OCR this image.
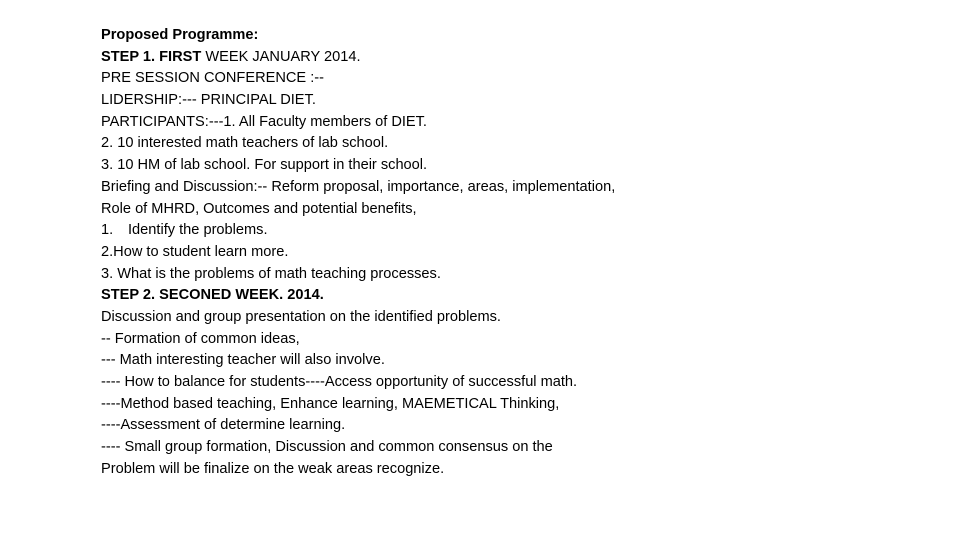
Proposed Programme:
STEP 1. FIRST WEEK JANUARY 2014.
PRE SESSION CONFERENCE :--
LIDERSHIP:--- PRINCIPAL DIET.
PARTICIPANTS:---1. All Faculty members of DIET.
2. 10 interested math teachers of lab school.
3. 10 HM of lab school. For support in their school.
Briefing and Discussion:-- Reform proposal, importance, areas, implementation,
Role of MHRD, Outcomes and potential benefits,
1. Identify the problems.
2.How to student learn more.
3. What is the problems of math teaching processes.
STEP 2. SECONED WEEK. 2014.
Discussion and group presentation on the identified problems.
-- Formation of common ideas,
--- Math interesting teacher will also involve.
---- How to balance for students----Access opportunity of successful math.
----Method based teaching, Enhance learning, MAEMETICAL Thinking,
----Assessment of determine learning.
---- Small group formation, Discussion and common consensus on the
Problem will be finalize on the weak areas recognize.
